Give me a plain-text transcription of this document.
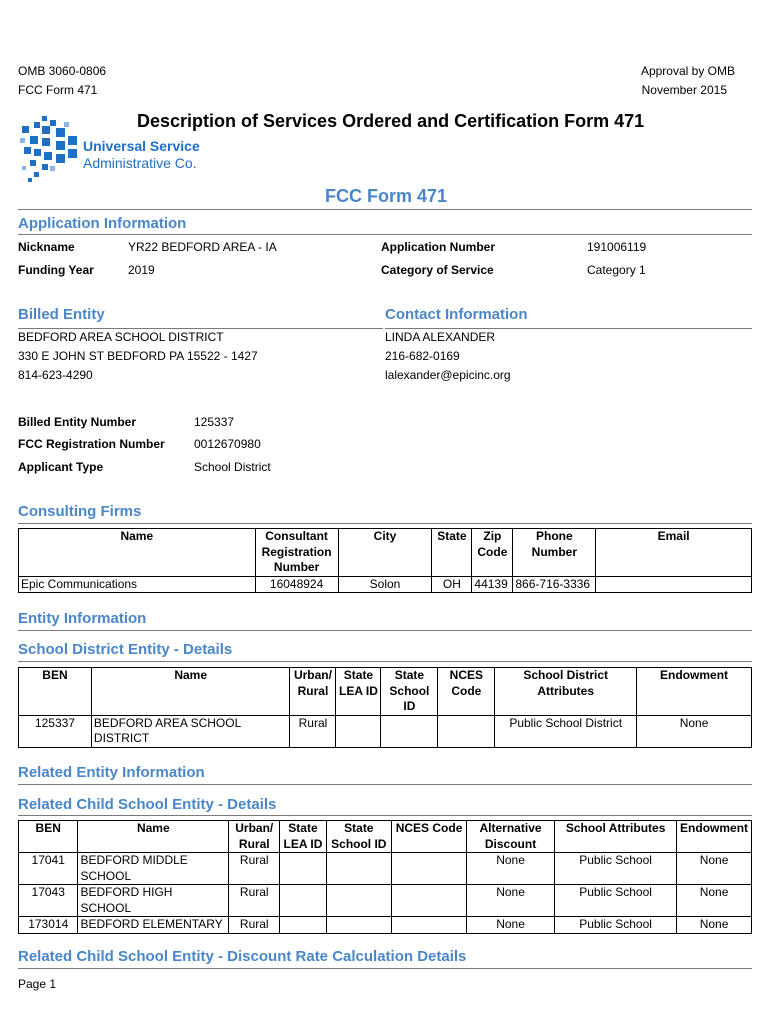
OMB 3060-0806
FCC Form 471
Approval by OMB
November 2015
Description of Services Ordered and Certification Form 471
Universal Service
Administrative Co.
FCC Form 471
Application Information
Nickname	YR22 BEDFORD AREA - IA	Application Number	191006119
Funding Year	2019	Category of Service	Category 1
Billed Entity	Contact Information
BEDFORD AREA SCHOOL DISTRICT
330 E JOHN ST BEDFORD PA 15522 - 1427
814-623-4290
LINDA ALEXANDER
216-682-0169
lalexander@epicinc.org
Billed Entity Number	125337
FCC Registration Number 0012670980
Applicant Type	School District
Consulting Firms
Name	Consultant Registration Number	City	State	Zip Code	Phone Number	Email
Epic Communications	16048924	Solon	OH	44139	866-716-3336	
Entity Information
School District Entity - Details
BEN	Name	Urban/ Rural	State LEA ID	State School ID	NCES Code	School District Attributes	Endowment
125337	BEDFORD AREA SCHOOL DISTRICT	Rural				Public School District	None
Related Entity Information
Related Child School Entity - Details
BEN	Name	Urban/ Rural	State LEA ID	State School ID	NCES Code	Alternative Discount	School Attributes	Endowment
17041	BEDFORD MIDDLE SCHOOL	Rural				None	Public School	None
17043	BEDFORD HIGH SCHOOL	Rural				None	Public School	None
173014	BEDFORD ELEMENTARY	Rural				None	Public School	None
Related Child School Entity - Discount Rate Calculation Details
Page 1
